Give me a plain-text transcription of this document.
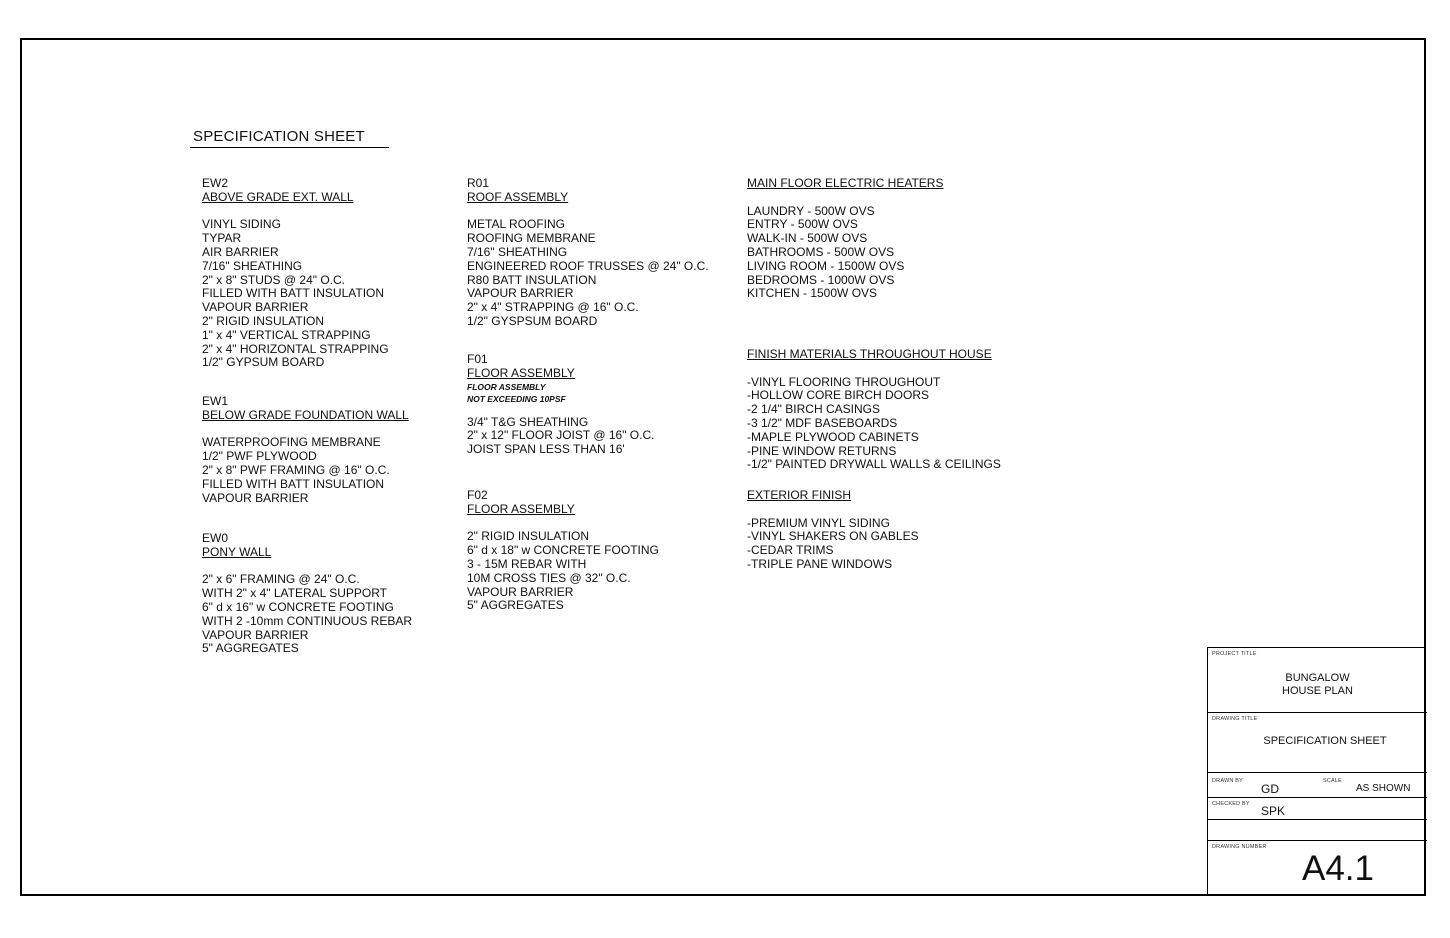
SPECIFICATION SHEET
EW2
ABOVE GRADE EXT. WALL
VINYL SIDING
TYPAR
AIR BARRIER
7/16" SHEATHING
2" x 8" STUDS @ 24" O.C.
FILLED WITH BATT INSULATION
VAPOUR BARRIER
2" RIGID INSULATION
1" x 4" VERTICAL STRAPPING
2" x 4" HORIZONTAL STRAPPING
1/2" GYPSUM BOARD
EW1
BELOW GRADE FOUNDATION WALL
WATERPROOFING MEMBRANE
1/2" PWF PLYWOOD
2" x 8" PWF FRAMING @ 16" O.C.
FILLED WITH BATT INSULATION
VAPOUR BARRIER
EW0
PONY WALL
2" x 6" FRAMING @ 24" O.C.
WITH 2" x 4" LATERAL SUPPORT
6" d x 16" w CONCRETE FOOTING
WITH 2 -10mm CONTINUOUS REBAR
VAPOUR BARRIER
5" AGGREGATES
R01
ROOF ASSEMBLY
METAL ROOFING
ROOFING MEMBRANE
7/16" SHEATHING
ENGINEERED ROOF TRUSSES @ 24" O.C.
R80 BATT INSULATION
VAPOUR BARRIER
2" x 4" STRAPPING @ 16" O.C.
1/2" GYSPSUM BOARD
F01
FLOOR ASSEMBLY
FLOOR ASSEMBLY
NOT EXCEEDING 10PSF
3/4" T&G SHEATHING
2" x 12" FLOOR JOIST @ 16" O.C.
JOIST SPAN LESS THAN 16'
F02
FLOOR ASSEMBLY
2" RIGID INSULATION
6" d x 18" w CONCRETE FOOTING
3 - 15M REBAR WITH
10M CROSS TIES @ 32" O.C.
VAPOUR BARRIER
5" AGGREGATES
MAIN FLOOR ELECTRIC HEATERS
LAUNDRY - 500W OVS
ENTRY - 500W OVS
WALK-IN - 500W OVS
BATHROOMS - 500W OVS
LIVING ROOM - 1500W OVS
BEDROOMS - 1000W OVS
KITCHEN - 1500W OVS
FINISH MATERIALS THROUGHOUT HOUSE
-VINYL FLOORING THROUGHOUT
-HOLLOW CORE BIRCH DOORS
-2 1/4" BIRCH CASINGS
-3 1/2" MDF BASEBOARDS
-MAPLE PLYWOOD CABINETS
-PINE WINDOW RETURNS
-1/2" PAINTED DRYWALL WALLS & CEILINGS
EXTERIOR FINISH
-PREMIUM VINYL SIDING
-VINYL SHAKERS ON GABLES
-CEDAR TRIMS
-TRIPLE PANE WINDOWS
PROJECT TITLE
BUNGALOW
HOUSE PLAN
DRAWING TITLE
SPECIFICATION SHEET
DRAWN BY
GD
SCALE
AS SHOWN
CHECKED BY SPK
DRAWING NUMBER
A4.1
